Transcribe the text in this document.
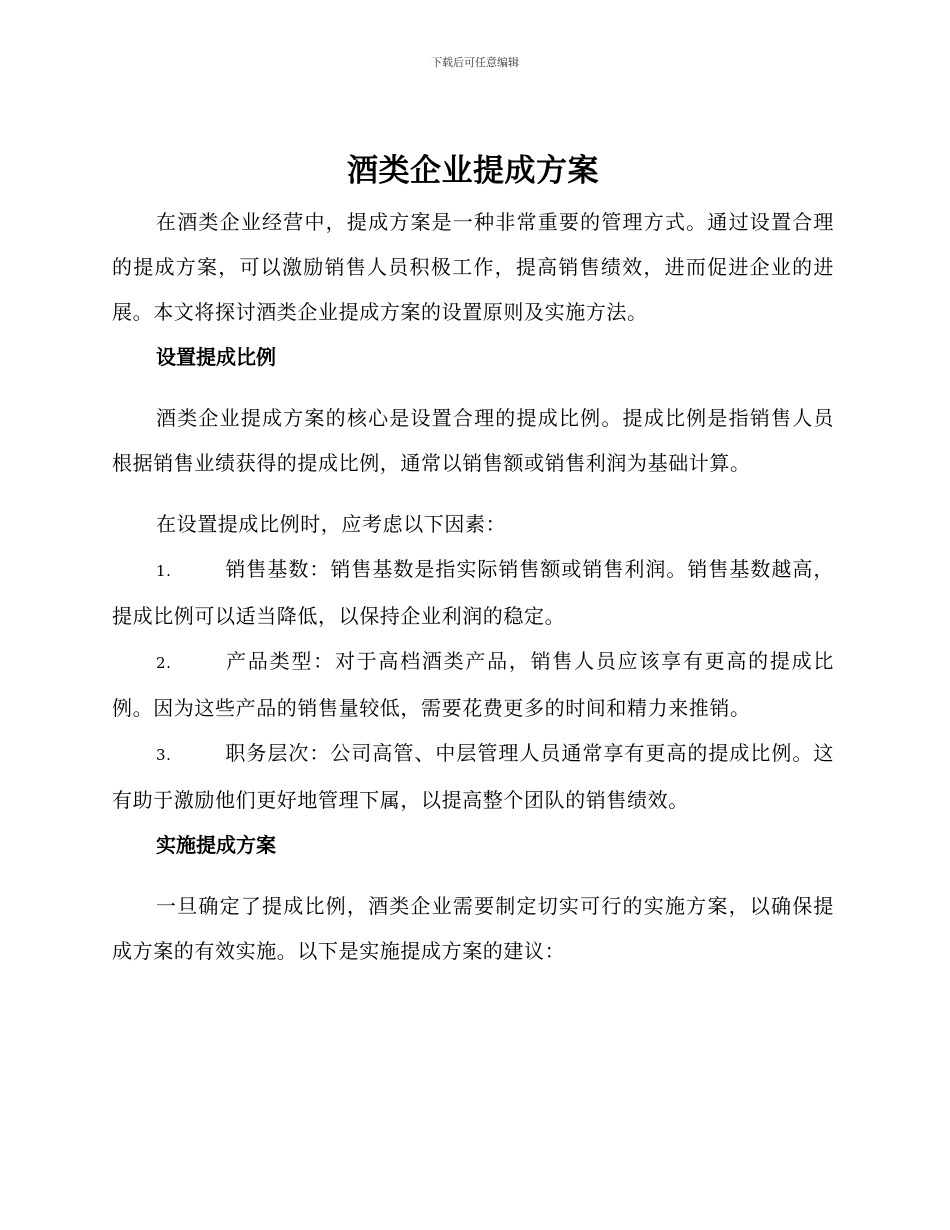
下载后可任意编辑
酒类企业提成方案

在酒类企业经营中，提成方案是一种非常重要的管理方式。通过设置合理的提成方案，可以激励销售人员积极工作，提高销售绩效，进而促进企业的进展。本文将探讨酒类企业提成方案的设置原则及实施方法。

设置提成比例

酒类企业提成方案的核心是设置合理的提成比例。提成比例是指销售人员根据销售业绩获得的提成比例，通常以销售额或销售利润为基础计算。

在设置提成比例时，应考虑以下因素：

1.	销售基数：销售基数是指实际销售额或销售利润。销售基数越高，提成比例可以适当降低，以保持企业利润的稳定。

2.	产品类型：对于高档酒类产品，销售人员应该享有更高的提成比例。因为这些产品的销售量较低，需要花费更多的时间和精力来推销。

3.	职务层次：公司高管、中层管理人员通常享有更高的提成比例。这有助于激励他们更好地管理下属，以提高整个团队的销售绩效。

实施提成方案

一旦确定了提成比例，酒类企业需要制定切实可行的实施方案，以确保提成方案的有效实施。以下是实施提成方案的建议：
